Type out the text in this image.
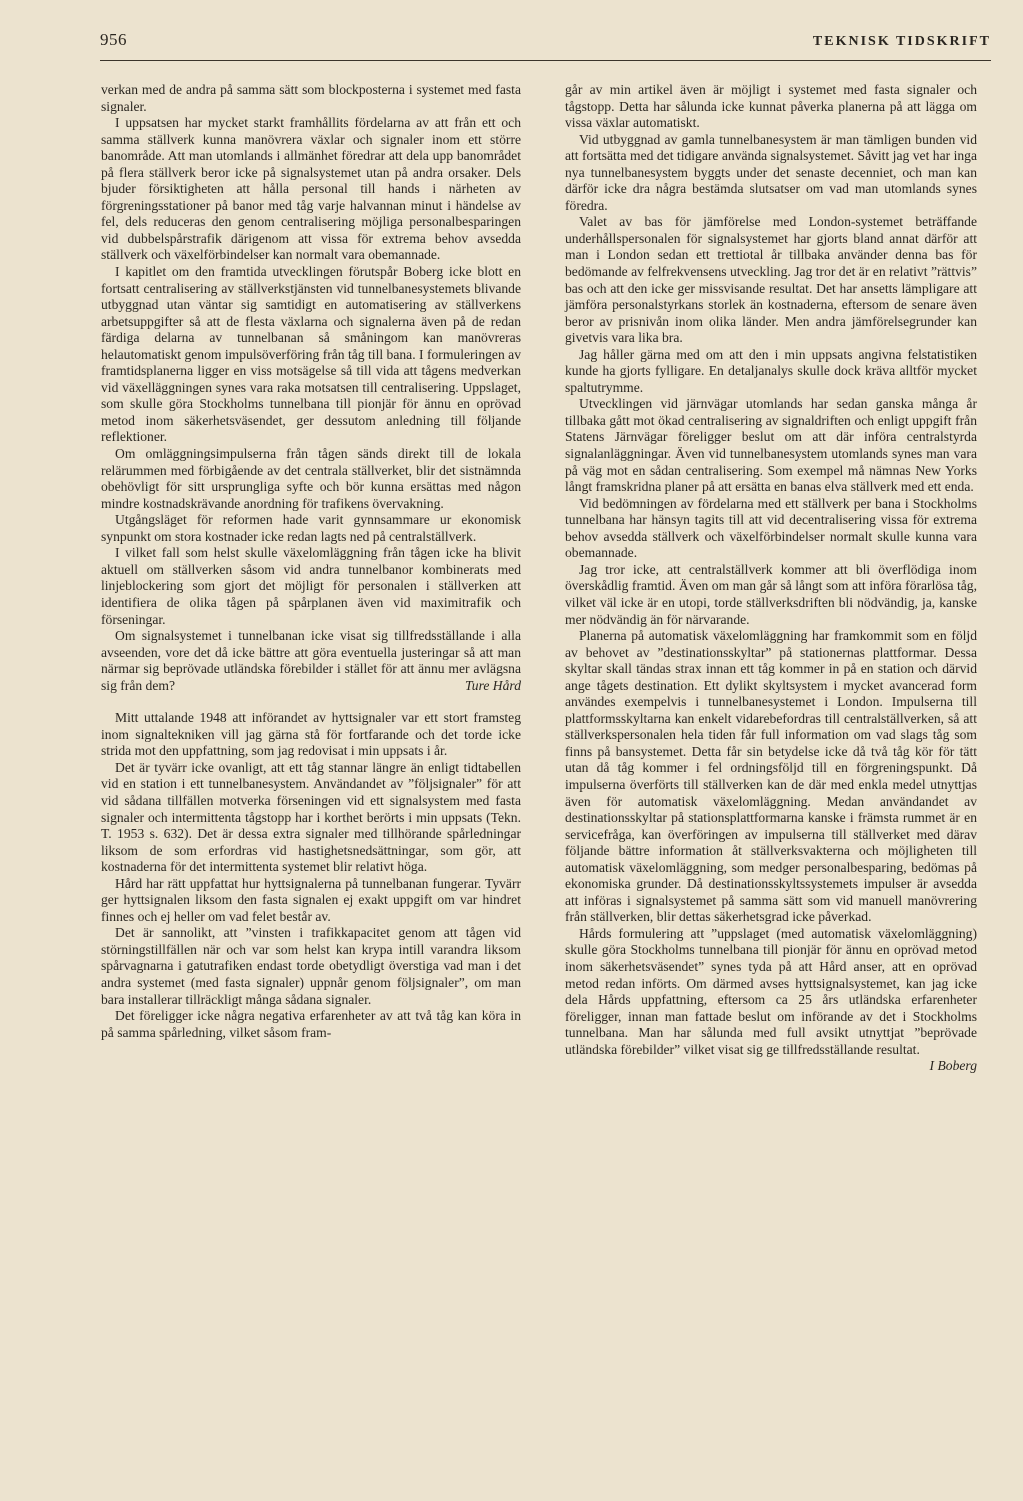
956	TEKNISK TIDSKRIFT

verkan med de andra på samma sätt som blockposterna i systemet med fasta signaler.

I uppsatsen har mycket starkt framhållits fördelarna av att från ett och samma ställverk kunna manövrera växlar och signaler inom ett större banområde. Att man utomlands i allmänhet föredrar att dela upp banområdet på flera ställverk beror icke på signalsystemet utan på andra orsaker. Dels bjuder försiktigheten att hålla personal till hands i närheten av förgreningsstationer på banor med tåg varje halvannan minut i händelse av fel, dels reduceras den genom centralisering möjliga personalbesparingen vid dubbelspårstrafik därigenom att vissa för extrema behov avsedda ställverk och växelförbindelser kan normalt vara obemannade.

I kapitlet om den framtida utvecklingen förutspår Boberg icke blott en fortsatt centralisering av ställverkstjänsten vid tunnelbanesystemets blivande utbyggnad utan väntar sig samtidigt en automatisering av ställverkens arbetsuppgifter så att de flesta växlarna och signalerna även på de redan färdiga delarna av tunnelbanan så småningom kan manövreras helautomatiskt genom impulsöverföring från tåg till bana. I formuleringen av framtidsplanerna ligger en viss motsägelse så till vida att tågens medverkan vid växelläggningen synes vara raka motsatsen till centralisering. Uppslaget, som skulle göra Stockholms tunnelbana till pionjär för ännu en oprövad metod inom säkerhetsväsendet, ger dessutom anledning till följande reflektioner.

Om omläggningsimpulserna från tågen sänds direkt till de lokala relärummen med förbigående av det centrala ställverket, blir det sistnämnda obehövligt för sitt ursprungliga syfte och bör kunna ersättas med någon mindre kostnadskrävande anordning för trafikens övervakning.

Utgångsläget för reformen hade varit gynnsammare ur ekonomisk synpunkt om stora kostnader icke redan lagts ned på centralställverk.

I vilket fall som helst skulle växelomläggning från tågen icke ha blivit aktuell om ställverken såsom vid andra tunnelbanor kombinerats med linjeblockering som gjort det möjligt för personalen i ställverken att identifiera de olika tågen på spårplanen även vid maximitrafik och förseningar.

Om signalsystemet i tunnelbanan icke visat sig tillfredsställande i alla avseenden, vore det då icke bättre att göra eventuella justeringar så att man närmar sig beprövade utländska förebilder i stället för att ännu mer avlägsna sig från dem?	Ture Hård

Mitt uttalande 1948 att införandet av hyttsignaler var ett stort framsteg inom signaltekniken vill jag gärna stå för fortfarande och det torde icke strida mot den uppfattning, som jag redovisat i min uppsats i år.

Det är tyvärr icke ovanligt, att ett tåg stannar längre än enligt tidtabellen vid en station i ett tunnelbanesystem. Användandet av ”följsignaler” för att vid sådana tillfällen motverka förseningen vid ett signalsystem med fasta signaler och intermittenta tågstopp har i korthet berörts i min uppsats (Tekn. T. 1953 s. 632). Det är dessa extra signaler med tillhörande spårledningar liksom de som erfordras vid hastighetsnedsättningar, som gör, att kostnaderna för det intermittenta systemet blir relativt höga.

Hård har rätt uppfattat hur hyttsignalerna på tunnelbanan fungerar. Tyvärr ger hyttsignalen liksom den fasta signalen ej exakt uppgift om var hindret finnes och ej heller om vad felet består av.

Det är sannolikt, att ”vinsten i trafikkapacitet genom att tågen vid störningstillfällen när och var som helst kan krypa intill varandra liksom spårvagnarna i gatutrafiken endast torde obetydligt överstiga vad man i det andra systemet (med fasta signaler) uppnår genom följsignaler”, om man bara installerar tillräckligt många sådana signaler.

Det föreligger icke några negativa erfarenheter av att två tåg kan köra in på samma spårledning, vilket såsom fram-

går av min artikel även är möjligt i systemet med fasta signaler och tågstopp. Detta har sålunda icke kunnat påverka planerna på att lägga om vissa växlar automatiskt.

Vid utbyggnad av gamla tunnelbanesystem är man tämligen bunden vid att fortsätta med det tidigare använda signalsystemet. Såvitt jag vet har inga nya tunnelbanesystem byggts under det senaste decenniet, och man kan därför icke dra några bestämda slutsatser om vad man utomlands synes föredra.

Valet av bas för jämförelse med London-systemet beträffande underhållspersonalen för signalsystemet har gjorts bland annat därför att man i London sedan ett trettiotal år tillbaka använder denna bas för bedömande av felfrekvensens utveckling. Jag tror det är en relativt ”rättvis” bas och att den icke ger missvisande resultat. Det har ansetts lämpligare att jämföra personalstyrkans storlek än kostnaderna, eftersom de senare även beror av prisnivån inom olika länder. Men andra jämförelsegrunder kan givetvis vara lika bra.

Jag håller gärna med om att den i min uppsats angivna felstatistiken kunde ha gjorts fylligare. En detaljanalys skulle dock kräva alltför mycket spaltutrymme.

Utvecklingen vid järnvägar utomlands har sedan ganska många år tillbaka gått mot ökad centralisering av signaldriften och enligt uppgift från Statens Järnvägar föreligger beslut om att där införa centralstyrda signalanläggningar. Även vid tunnelbanesystem utomlands synes man vara på väg mot en sådan centralisering. Som exempel må nämnas New Yorks långt framskridna planer på att ersätta en banas elva ställverk med ett enda.

Vid bedömningen av fördelarna med ett ställverk per bana i Stockholms tunnelbana har hänsyn tagits till att vid decentralisering vissa för extrema behov avsedda ställverk och växelförbindelser normalt skulle kunna vara obemannade.

Jag tror icke, att centralställverk kommer att bli överflödiga inom överskådlig framtid. Även om man går så långt som att införa förarlösa tåg, vilket väl icke är en utopi, torde ställverksdriften bli nödvändig, ja, kanske mer nödvändig än för närvarande.

Planerna på automatisk växelomläggning har framkommit som en följd av behovet av ”destinationsskyltar” på stationernas plattformar. Dessa skyltar skall tändas strax innan ett tåg kommer in på en station och därvid ange tågets destination. Ett dylikt skyltsystem i mycket avancerad form användes exempelvis i tunnelbanesystemet i London. Impulserna till plattformsskyltarna kan enkelt vidarebefordras till centralställverken, så att ställverkspersonalen hela tiden får full information om vad slags tåg som finns på bansystemet. Detta får sin betydelse icke då två tåg kör för tätt utan då tåg kommer i fel ordningsföljd till en förgreningspunkt. Då impulserna överförts till ställverken kan de där med enkla medel utnyttjas även för automatisk växelomläggning. Medan användandet av destinationsskyltar på stationsplattformarna kanske i främsta rummet är en servicefråga, kan överföringen av impulserna till ställverket med därav följande bättre information åt ställverksvakterna och möjligheten till automatisk växelomläggning, som medger personalbesparing, bedömas på ekonomiska grunder. Då destinationsskyltssystemets impulser är avsedda att införas i signalsystemet på samma sätt som vid manuell manövrering från ställverken, blir dettas säkerhetsgrad icke påverkad.

Hårds formulering att ”uppslaget (med automatisk växelomläggning) skulle göra Stockholms tunnelbana till pionjär för ännu en oprövad metod inom säkerhetsväsendet” synes tyda på att Hård anser, att en oprövad metod redan införts. Om därmed avses hyttsignalsystemet, kan jag icke dela Hårds uppfattning, eftersom ca 25 års utländska erfarenheter föreligger, innan man fattade beslut om införande av det i Stockholms tunnelbana. Man har sålunda med full avsikt utnyttjat ”beprövade utländska förebilder” vilket visat sig ge tillfredsställande resultat.
I Boberg
